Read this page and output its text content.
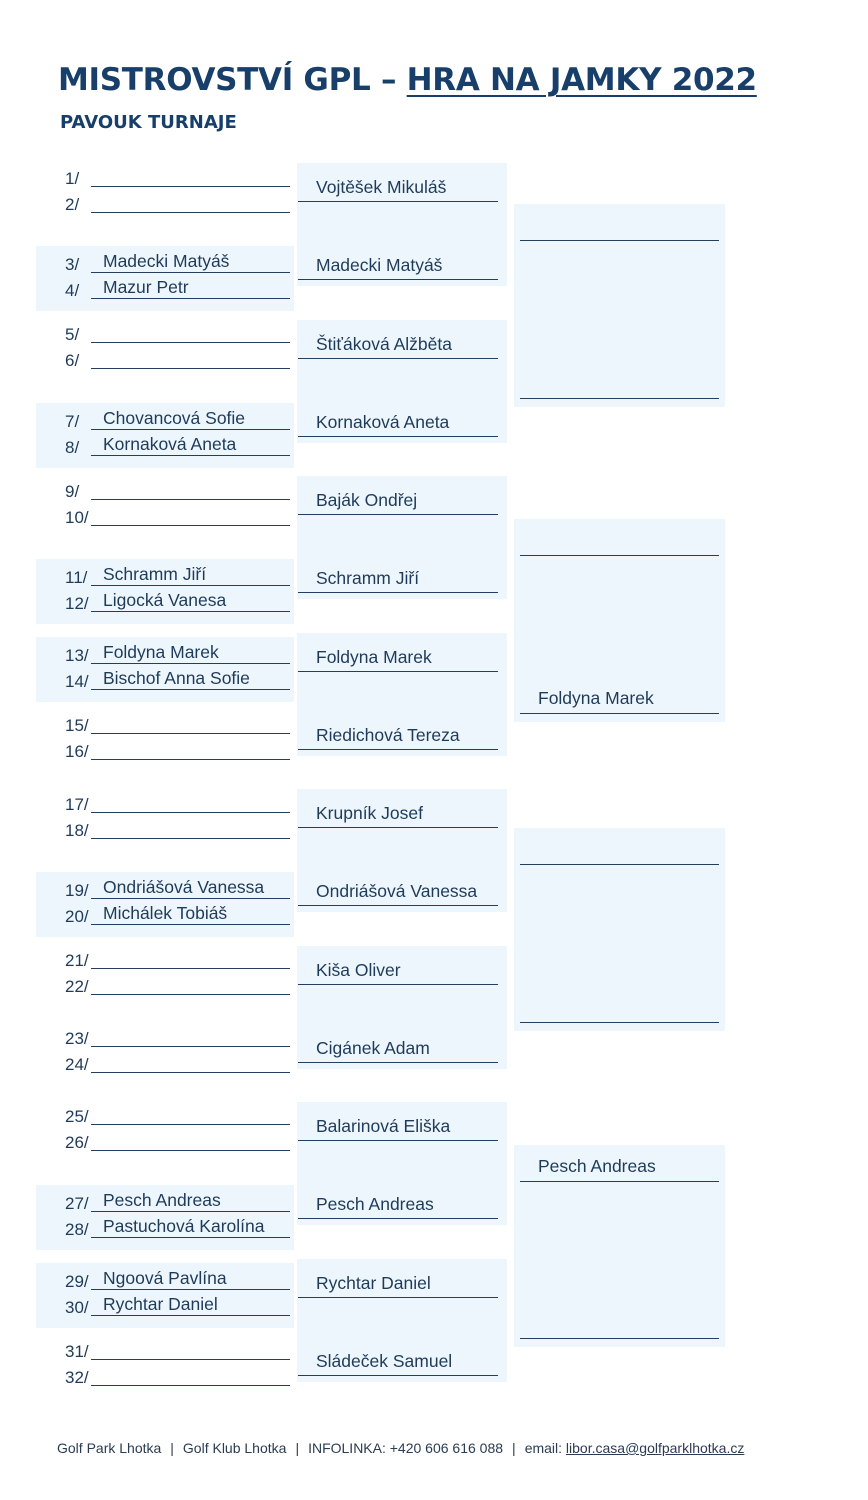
MISTROVSTVÍ GPL – HRA NA JAMKY 2022
PAVOUK TURNAJE
1/
2/
3/ Madecki Matyáš
4/ Mazur Petr
5/
6/
7/ Chovancová Sofie
8/ Kornaková Aneta
9/
10/
11/ Schramm Jiří
12/ Ligocká Vanesa
13/ Foldyna Marek
14/ Bischof Anna Sofie
15/
16/
17/
18/
19/ Ondriášová Vanessa
20/ Michálek Tobiáš
21/
22/
23/
24/
25/
26/
27/ Pesch Andreas
28/ Pastuchová Karolína
29/ Ngoová Pavlína
30/ Rychtar Daniel
31/
32/
Vojtěšek Mikuláš
Madecki Matyáš
Štiťáková Alžběta
Kornaková Aneta
Baják Ondřej
Schramm Jiří
Foldyna Marek
Riedichová Tereza
Krupník Josef
Ondriášová Vanessa
Kiša Oliver
Cigánek Adam
Balarinová Eliška
Pesch Andreas
Rychtar Daniel
Sládeček Samuel
Foldyna Marek
Pesch Andreas
Golf Park Lhotka | Golf Klub Lhotka | INFOLINKA: +420 606 616 088 | email: libor.casa@golfparklhotka.cz
